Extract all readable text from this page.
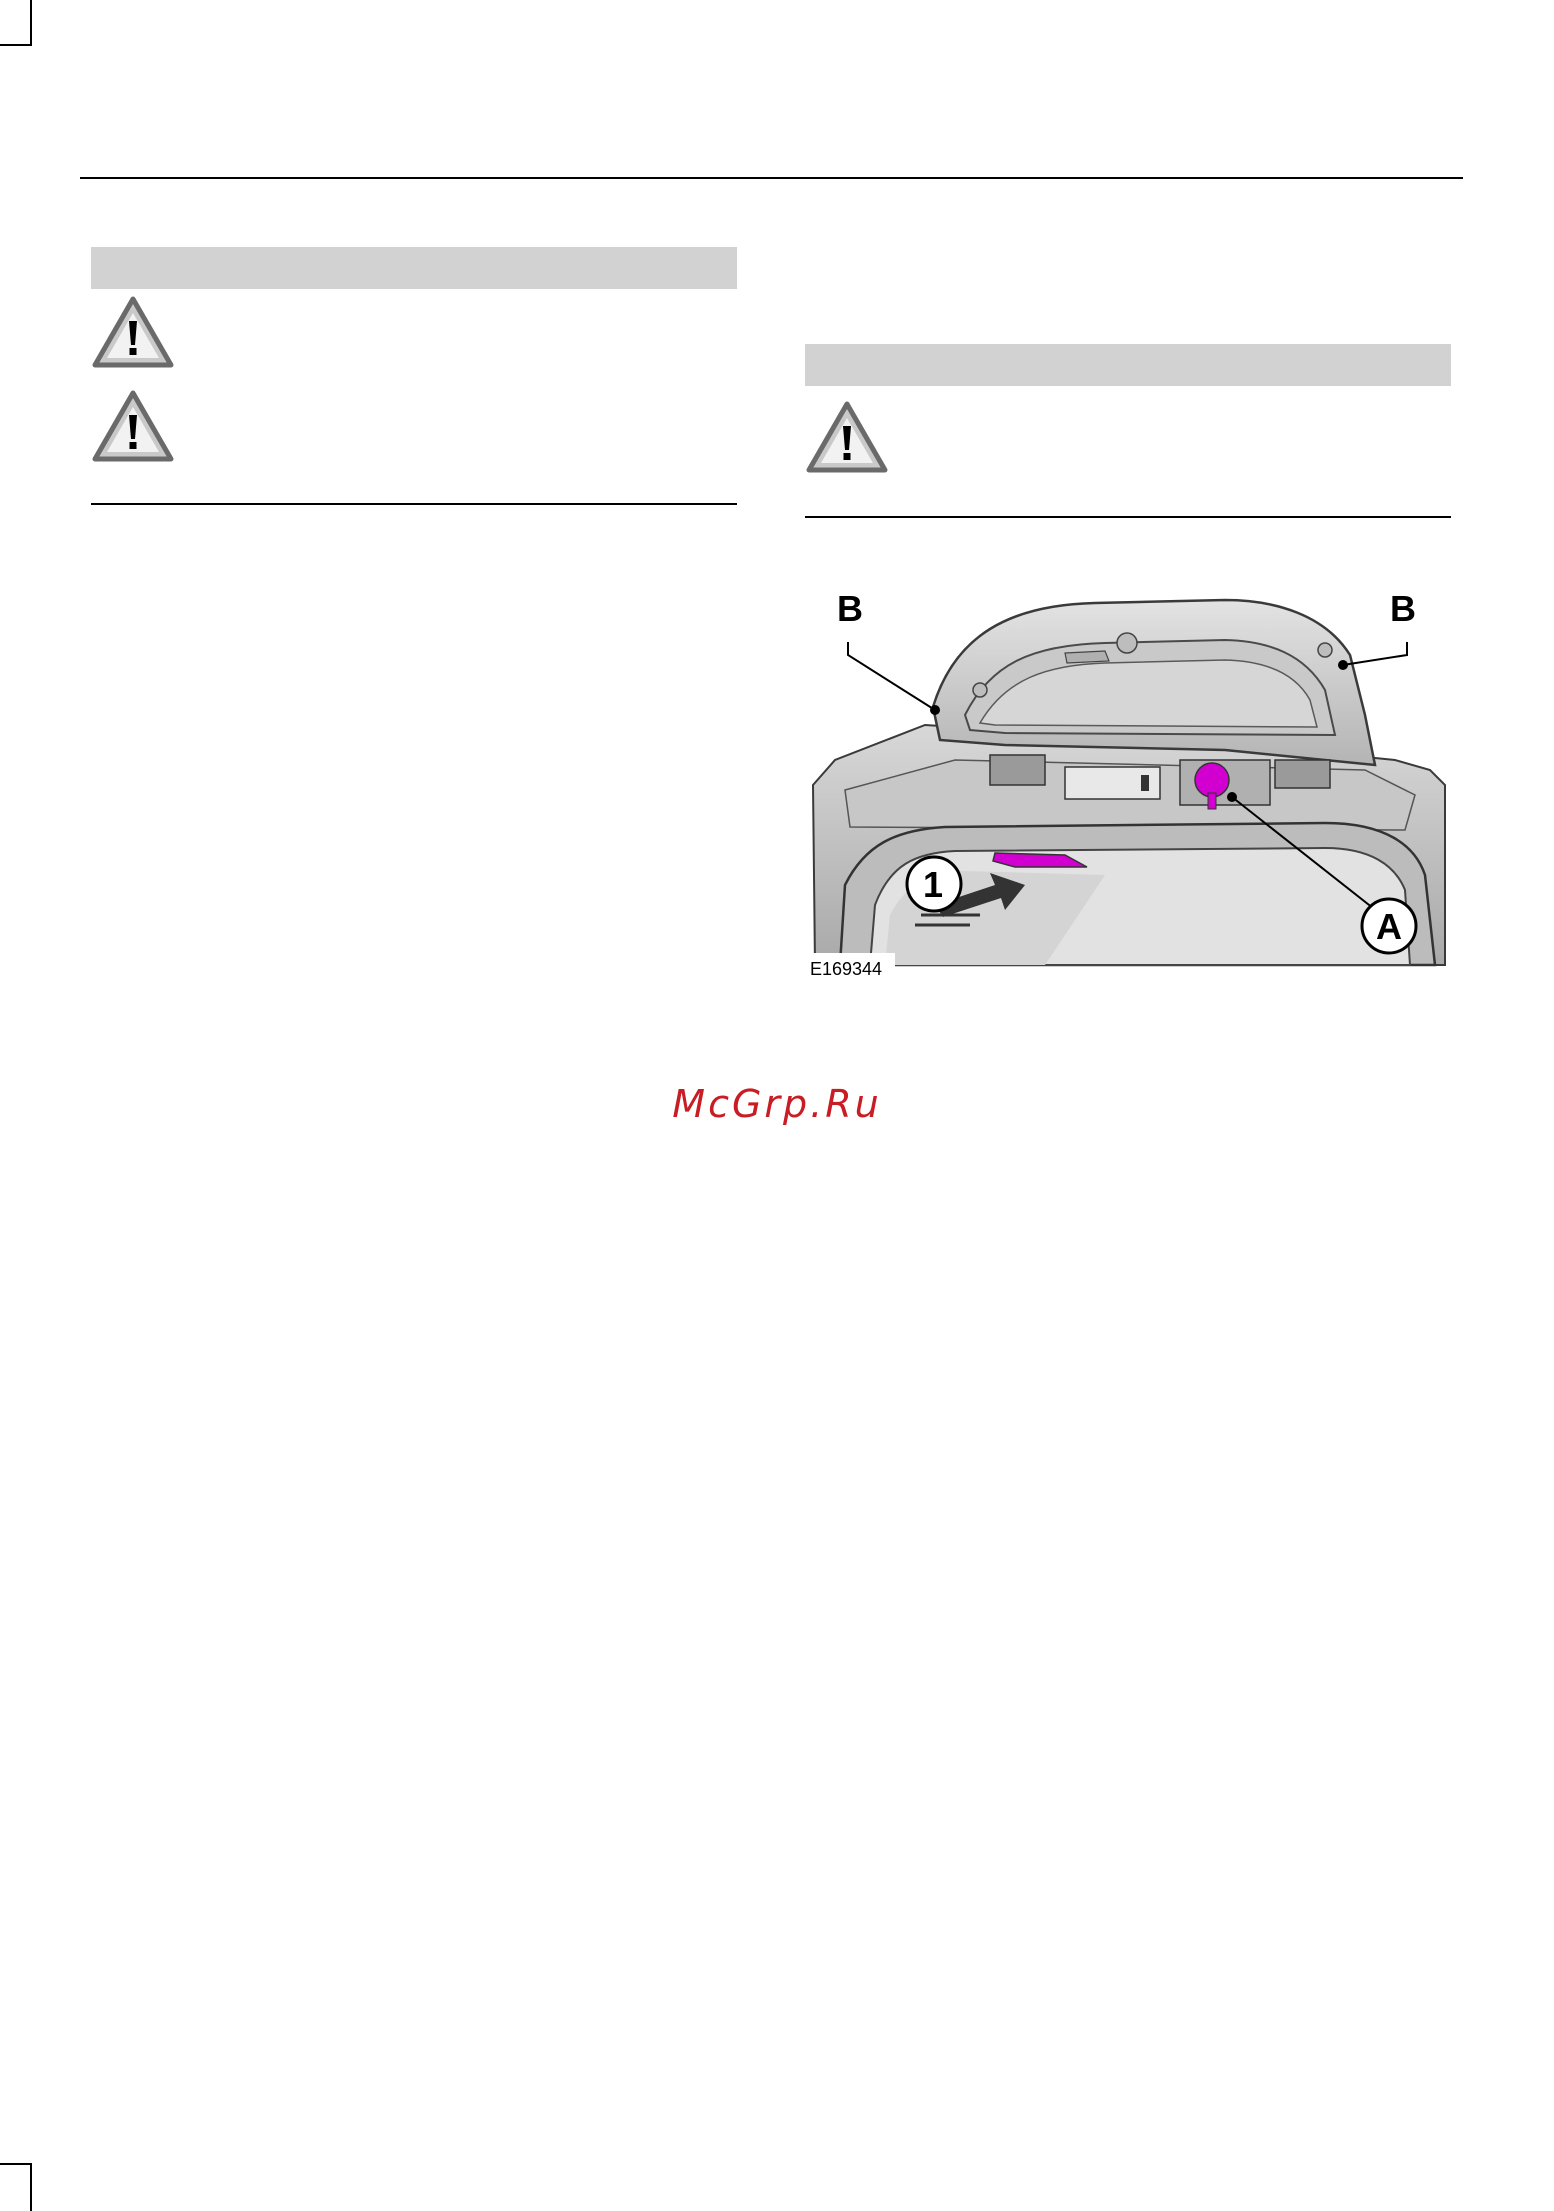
B	B
1
A
E169344
McGrp.Ru
